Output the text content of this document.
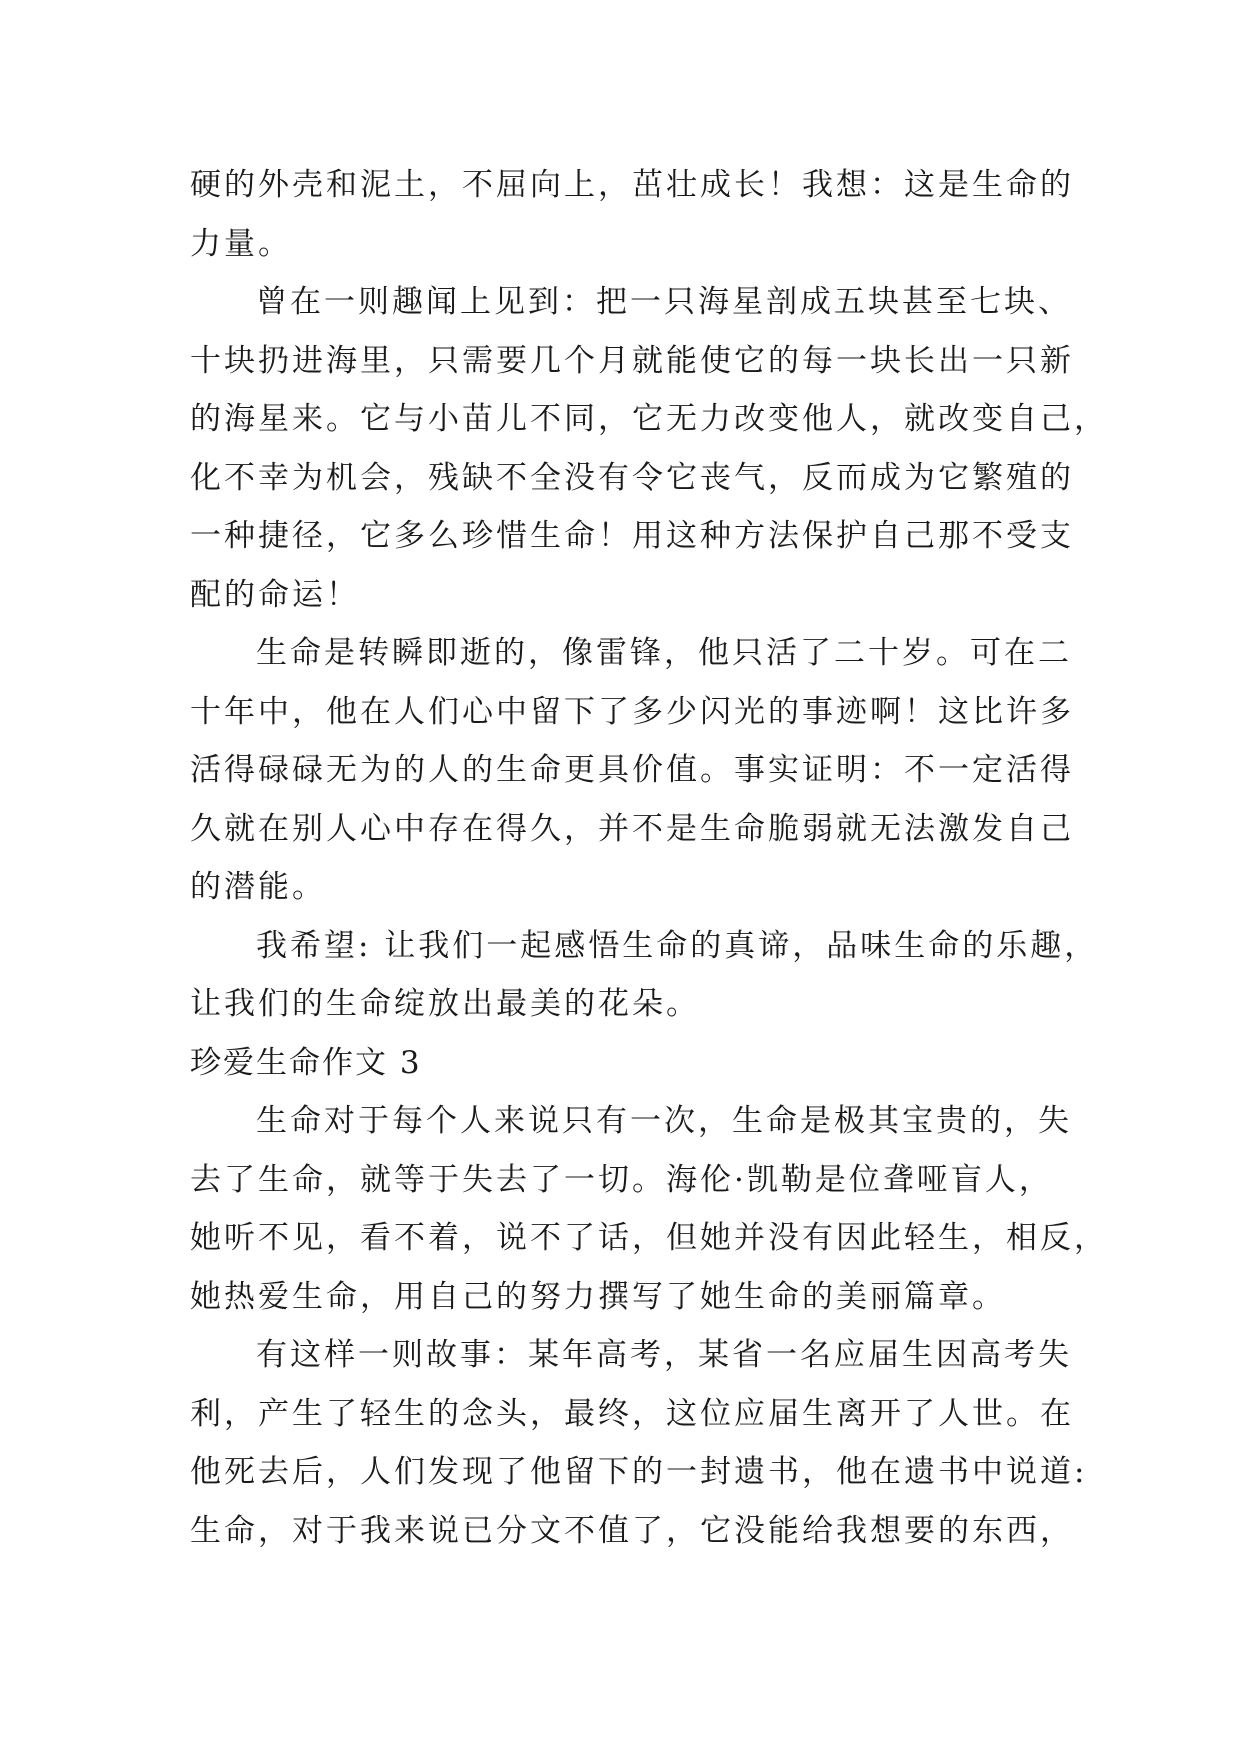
硬的外壳和泥土，不屈向上，茁壮成长！我想：这是生命的
力量。
曾在一则趣闻上见到：把一只海星剖成五块甚至七块、
十块扔进海里，只需要几个月就能使它的每一块长出一只新
的海星来。它与小苗儿不同，它无力改变他人，就改变自己，
化不幸为机会，残缺不全没有令它丧气，反而成为它繁殖的
一种捷径，它多么珍惜生命！用这种方法保护自己那不受支
配的命运！
生命是转瞬即逝的，像雷锋，他只活了二十岁。可在二
十年中，他在人们心中留下了多少闪光的事迹啊！这比许多
活得碌碌无为的人的生命更具价值。事实证明：不一定活得
久就在别人心中存在得久，并不是生命脆弱就无法激发自己
的潜能。
我希望: 让我们一起感悟生命的真谛，品味生命的乐趣，
让我们的生命绽放出最美的花朵。
珍爱生命作文 3
生命对于每个人来说只有一次，生命是极其宝贵的，失
去了生命，就等于失去了一切。海伦·凯勒是位聋哑盲人，
她听不见，看不着，说不了话，但她并没有因此轻生，相反，
她热爱生命，用自己的努力撰写了她生命的美丽篇章。
有这样一则故事：某年高考，某省一名应届生因高考失
利，产生了轻生的念头，最终，这位应届生离开了人世。在
他死去后，人们发现了他留下的一封遗书，他在遗书中说道:
生命，对于我来说已分文不值了，它没能给我想要的东西，
